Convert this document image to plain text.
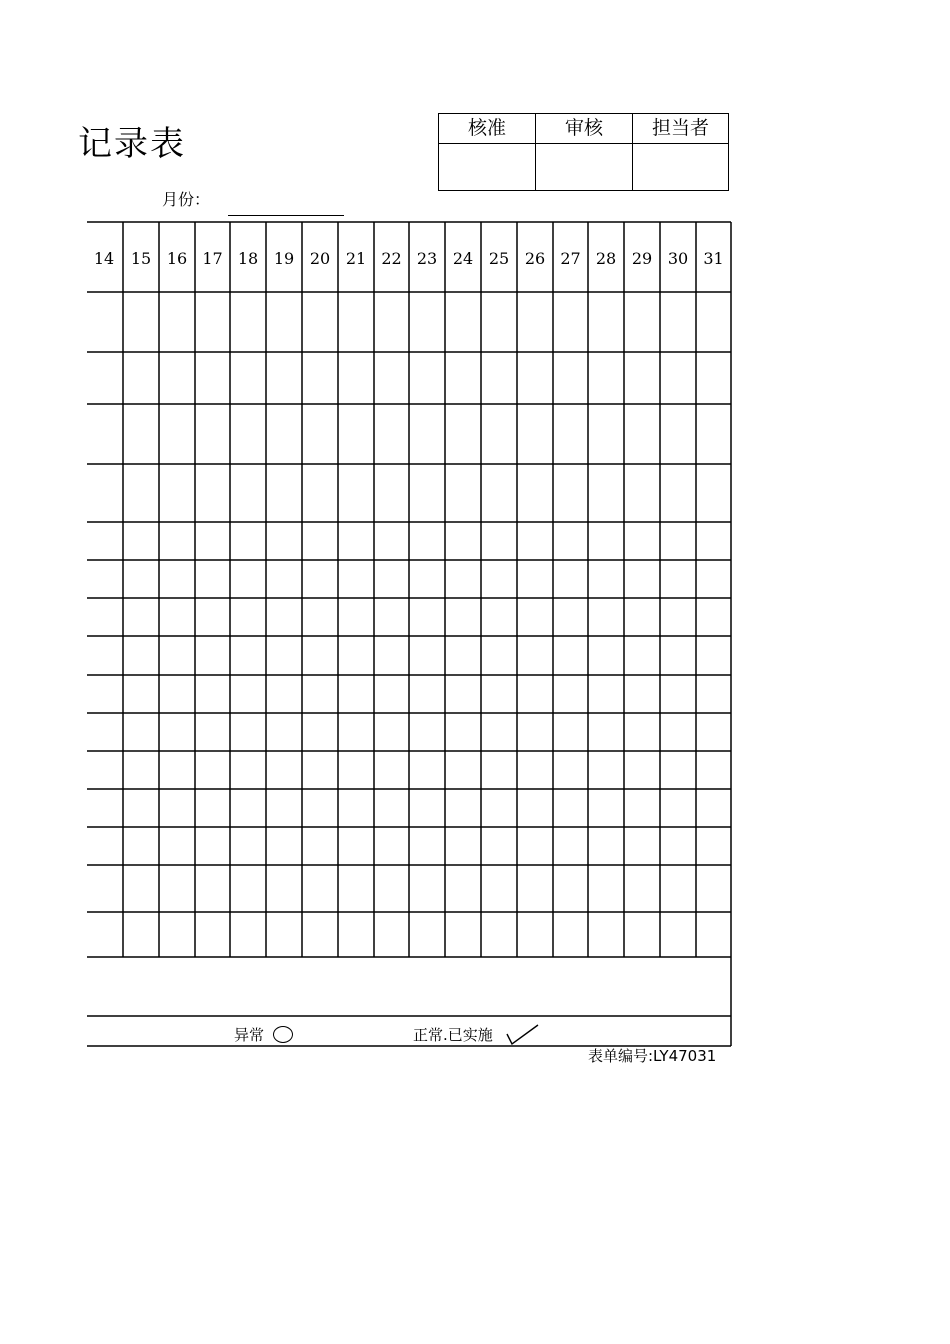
记录表	核准	审核	担当者
月份：
14 15 16 17 18 19 20 21 22 23 24 25 26 27 28 29 30 31
异常	正常.已实施
表单编号:LY47031
